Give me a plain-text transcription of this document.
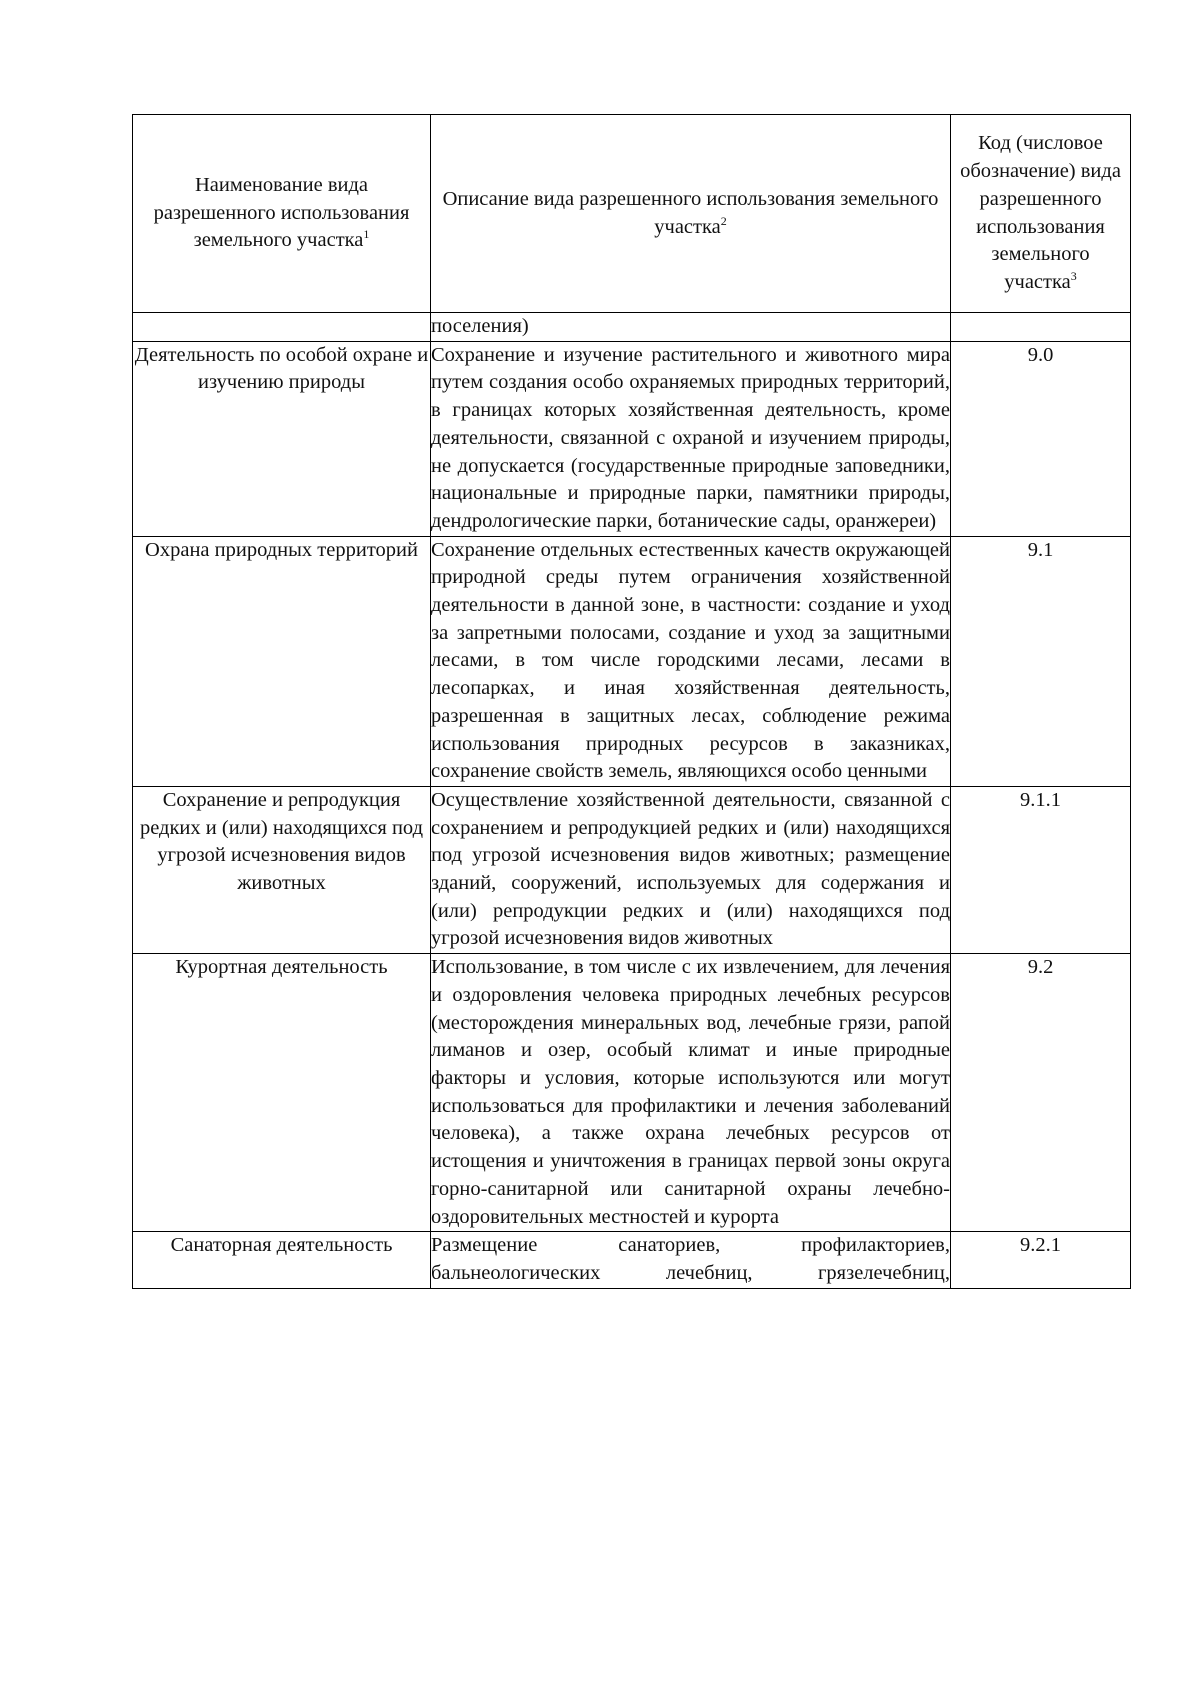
Наименование вида разрешенного использования земельного участка$^1$	Описание вида разрешенного использования земельного участка$^2$	Код (числовое обозначение) вида разрешенного использования земельного участка$^3$

	поселения)	
Деятельность по особой охране и изучению природы	Сохранение и изучение растительного и животного мира путем создания особо охраняемых природных территорий, в границах которых хозяйственная деятельность, кроме деятельности, связанной с охраной и изучением природы, не допускается (государственные природные заповедники, национальные и природные парки, памятники природы, дендрологические парки, ботанические сады, оранжереи)	9.0
Охрана природных территорий	Сохранение отдельных естественных качеств окружающей природной среды путем ограничения хозяйственной деятельности в данной зоне, в частности: создание и уход за запретными полосами, создание и уход за защитными лесами, в том числе городскими лесами, лесами в лесопарках, и иная хозяйственная деятельность, разрешенная в защитных лесах, соблюдение режима использования природных ресурсов в заказниках, сохранение свойств земель, являющихся особо ценными	9.1
Сохранение и репродукция редких и (или) находящихся под угрозой исчезновения видов животных	Осуществление хозяйственной деятельности, связанной с сохранением и репродукцией редких и (или) находящихся под угрозой исчезновения видов животных; размещение зданий, сооружений, используемых для содержания и (или) репродукции редких и (или) находящихся под угрозой исчезновения видов животных	9.1.1
Курортная деятельность	Использование, в том числе с их извлечением, для лечения и оздоровления человека природных лечебных ресурсов (месторождения минеральных вод, лечебные грязи, рапой лиманов и озер, особый климат и иные природные факторы и условия, которые используются или могут использоваться для профилактики и лечения заболеваний человека), а также охрана лечебных ресурсов от истощения и уничтожения в границах первой зоны округа горно-санитарной или санитарной охраны лечебно-оздоровительных местностей и курорта	9.2
Санаторная деятельность	Размещение санаториев, профилакториев, бальнеологических лечебниц, грязелечебниц,	9.2.1
